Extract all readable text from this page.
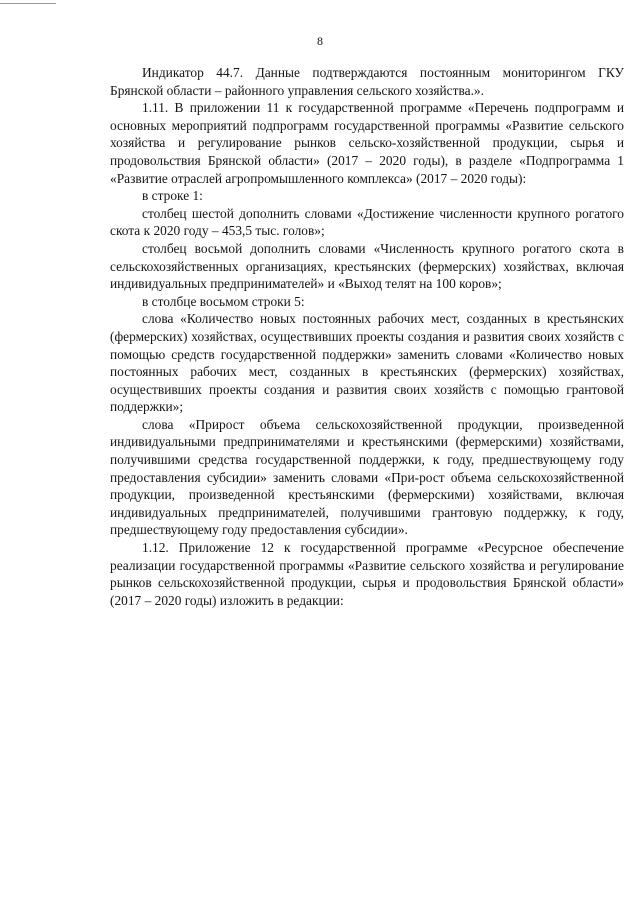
8

Индикатор 44.7. Данные подтверждаются постоянным мониторингом ГКУ Брянской области – районного управления сельского хозяйства.».

1.11. В приложении 11 к государственной программе «Перечень подпрограмм и основных мероприятий подпрограмм государственной программы «Развитие сельского хозяйства и регулирование рынков сельско-хозяйственной продукции, сырья и продовольствия Брянской области» (2017 – 2020 годы), в разделе «Подпрограмма 1 «Развитие отраслей агропромышленного комплекса» (2017 – 2020 годы):

в строке 1:

столбец шестой дополнить словами «Достижение численности крупного рогатого скота к 2020 году – 453,5 тыс. голов»;

столбец восьмой дополнить словами «Численность крупного рогатого скота в сельскохозяйственных организациях, крестьянских (фермерских) хозяйствах, включая индивидуальных предпринимателей» и «Выход телят на 100 коров»;

в столбце восьмом строки 5:

слова «Количество новых постоянных рабочих мест, созданных в крестьянских (фермерских) хозяйствах, осуществивших проекты создания и развития своих хозяйств с помощью средств государственной поддержки» заменить словами «Количество новых постоянных рабочих мест, созданных в крестьянских (фермерских) хозяйствах, осуществивших проекты создания и развития своих хозяйств с помощью грантовой поддержки»;

слова «Прирост объема сельскохозяйственной продукции, произведенной индивидуальными предпринимателями и крестьянскими (фермерскими) хозяйствами, получившими средства государственной поддержки, к году, предшествующему году предоставления субсидии» заменить словами «При-рост объема сельскохозяйственной продукции, произведенной крестьянскими (фермерскими) хозяйствами, включая индивидуальных предпринимателей, получившими грантовую поддержку, к году, предшествующему году предоставления субсидии».

1.12. Приложение 12 к государственной программе «Ресурсное обеспечение реализации государственной программы «Развитие сельского хозяйства и регулирование рынков сельскохозяйственной продукции, сырья и продовольствия Брянской области» (2017 – 2020 годы) изложить в редакции:
